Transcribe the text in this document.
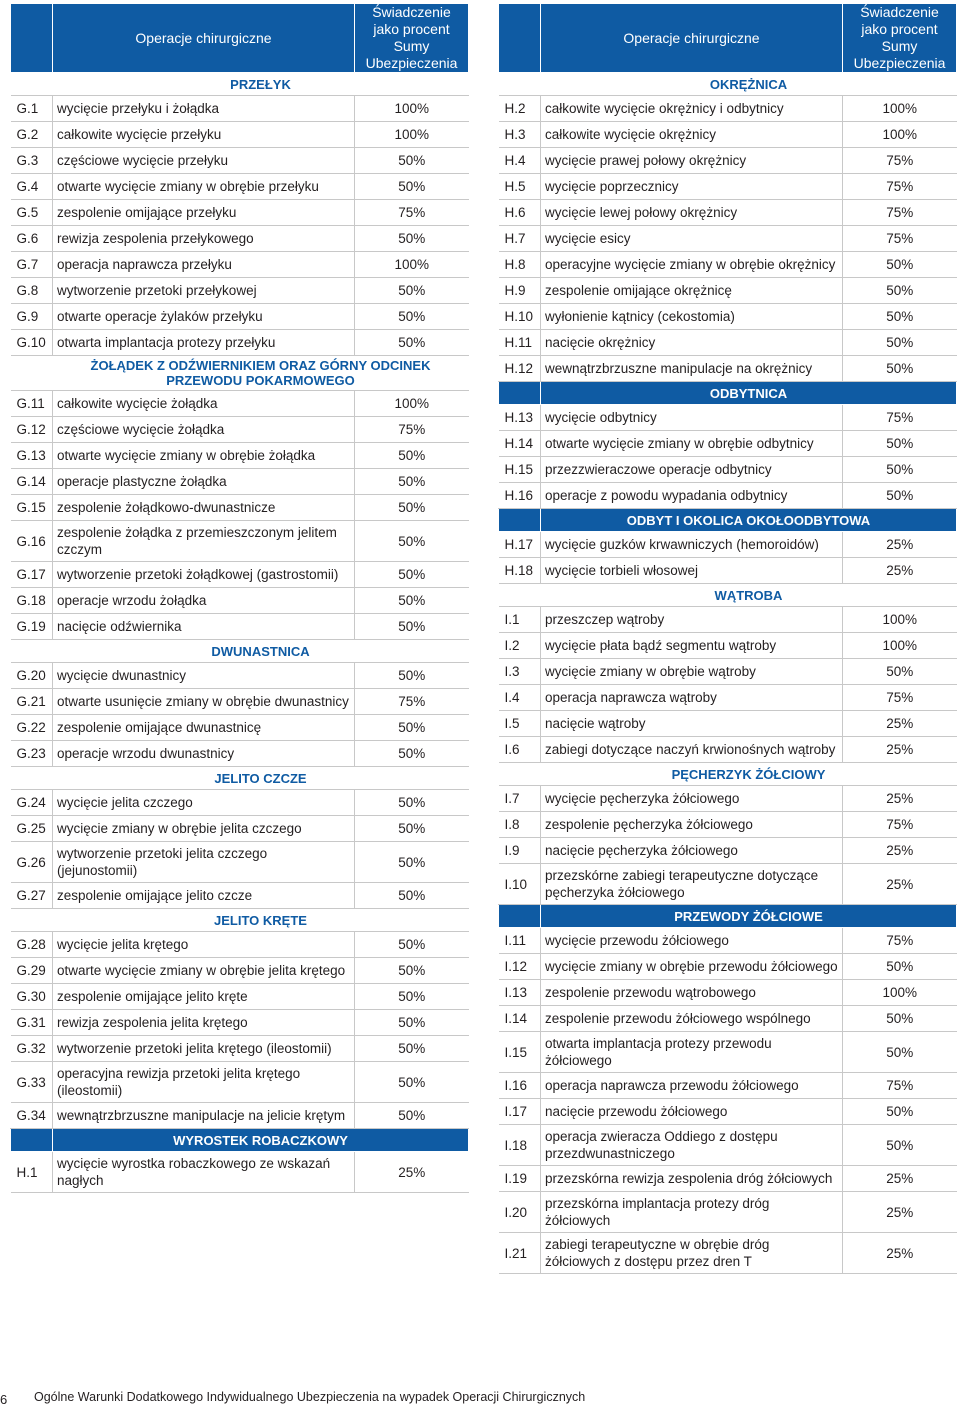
	Operacje chirurgiczne	Świadczenie jako procent Sumy Ubezpieczenia
	PRZEŁYK	
G.1	wycięcie przełyku i żołądka	100%
G.2	całkowite wycięcie przełyku	100%
G.3	częściowe wycięcie przełyku	50%
G.4	otwarte wycięcie zmiany w obrębie przełyku	50%
G.5	zespolenie omijające przełyku	75%
G.6	rewizja zespolenia przełykowego	50%
G.7	operacja naprawcza przełyku	100%
G.8	wytworzenie przetoki przełykowej	50%
G.9	otwarte operacje żylaków przełyku	50%
G.10	otwarta implantacja protezy przełyku	50%
	ŻOŁĄDEK Z ODŹWIERNIKIEM ORAZ GÓRNY ODCINEK PRZEWODU POKARMOWEGO	
G.11	całkowite wycięcie żołądka	100%
G.12	częściowe wycięcie żołądka	75%
G.13	otwarte wycięcie zmiany w obrębie żołądka	50%
G.14	operacje plastyczne żołądka	50%
G.15	zespolenie żołądkowo-dwunastnicze	50%
G.16	zespolenie żołądka z przemieszczonym jelitem czczym	50%
G.17	wytworzenie przetoki żołądkowej (gastrostomii)	50%
G.18	operacje wrzodu żołądka	50%
G.19	nacięcie odźwiernika	50%
	DWUNASTNICA	
G.20	wycięcie dwunastnicy	50%
G.21	otwarte usunięcie zmiany w obrębie dwunastnicy	75%
G.22	zespolenie omijające dwunastnicę	50%
G.23	operacje wrzodu dwunastnicy	50%
	JELITO CZCZE	
G.24	wycięcie jelita czczego	50%
G.25	wycięcie zmiany w obrębie jelita czczego	50%
G.26	wytworzenie przetoki jelita czczego (jejunostomii)	50%
G.27	zespolenie omijające jelito czcze	50%
	JELITO KRĘTE	
G.28	wycięcie jelita krętego	50%
G.29	otwarte wycięcie zmiany w obrębie jelita krętego	50%
G.30	zespolenie omijające jelito kręte	50%
G.31	rewizja zespolenia jelita krętego	50%
G.32	wytworzenie przetoki jelita krętego (ileostomii)	50%
G.33	operacyjna rewizja przetoki jelita krętego (ileostomii)	50%
G.34	wewnątrzbrzuszne manipulacje na jelicie krętym	50%
	WYROSTEK ROBACZKOWY	
H.1	wycięcie wyrostka robaczkowego ze wskazań nagłych	25%
	Operacje chirurgiczne	Świadczenie jako procent Sumy Ubezpieczenia
	OKRĘŻNICA	
H.2	całkowite wycięcie okrężnicy i odbytnicy	100%
H.3	całkowite wycięcie okrężnicy	100%
H.4	wycięcie prawej połowy okrężnicy	75%
H.5	wycięcie poprzecznicy	75%
H.6	wycięcie lewej połowy okrężnicy	75%
H.7	wycięcie esicy	75%
H.8	operacyjne wycięcie zmiany w obrębie okrężnicy	50%
H.9	zespolenie omijające okrężnicę	50%
H.10	wyłonienie kątnicy (cekostomia)	50%
H.11	nacięcie okrężnicy	50%
H.12	wewnątrzbrzuszne manipulacje na okrężnicy	50%
	ODBYTNICA	
H.13	wycięcie odbytnicy	75%
H.14	otwarte wycięcie zmiany w obrębie odbytnicy	50%
H.15	przezzwieraczowe operacje odbytnicy	50%
H.16	operacje z powodu wypadania odbytnicy	50%
	ODBYT I OKOLICA OKOŁOODBYTOWA	
H.17	wycięcie guzków krwawniczych (hemoroidów)	25%
H.18	wycięcie torbieli włosowej	25%
	WĄTROBA	
I.1	przeszczep wątroby	100%
I.2	wycięcie płata bądź segmentu wątroby	100%
I.3	wycięcie zmiany w obrębie wątroby	50%
I.4	operacja naprawcza wątroby	75%
I.5	nacięcie wątroby	25%
I.6	zabiegi dotyczące naczyń krwionośnych wątroby	25%
	PĘCHERZYK ŻÓŁCIOWY	
I.7	wycięcie pęcherzyka żółciowego	25%
I.8	zespolenie pęcherzyka żółciowego	75%
I.9	nacięcie pęcherzyka żółciowego	25%
I.10	przezskórne zabiegi terapeutyczne dotyczące pęcherzyka żółciowego	25%
	PRZEWODY ŻÓŁCIOWE	
I.11	wycięcie przewodu żółciowego	75%
I.12	wycięcie zmiany w obrębie przewodu żółciowego	50%
I.13	zespolenie przewodu wątrobowego	100%
I.14	zespolenie przewodu żółciowego wspólnego	50%
I.15	otwarta implantacja protezy przewodu żółciowego	50%
I.16	operacja naprawcza przewodu żółciowego	75%
I.17	nacięcie przewodu żółciowego	50%
I.18	operacja zwieracza Oddiego z dostępu przezdwunastniczego	50%
I.19	przezskórna rewizja zespolenia dróg żółciowych	25%
I.20	przezskórna implantacja protezy dróg żółciowych	25%
I.21	zabiegi terapeutyczne w obrębie dróg żółciowych z dostępu przez dren T	25%
6 Ogólne Warunki Dodatkowego Indywidualnego Ubezpieczenia na wypadek Operacji Chirurgicznych
